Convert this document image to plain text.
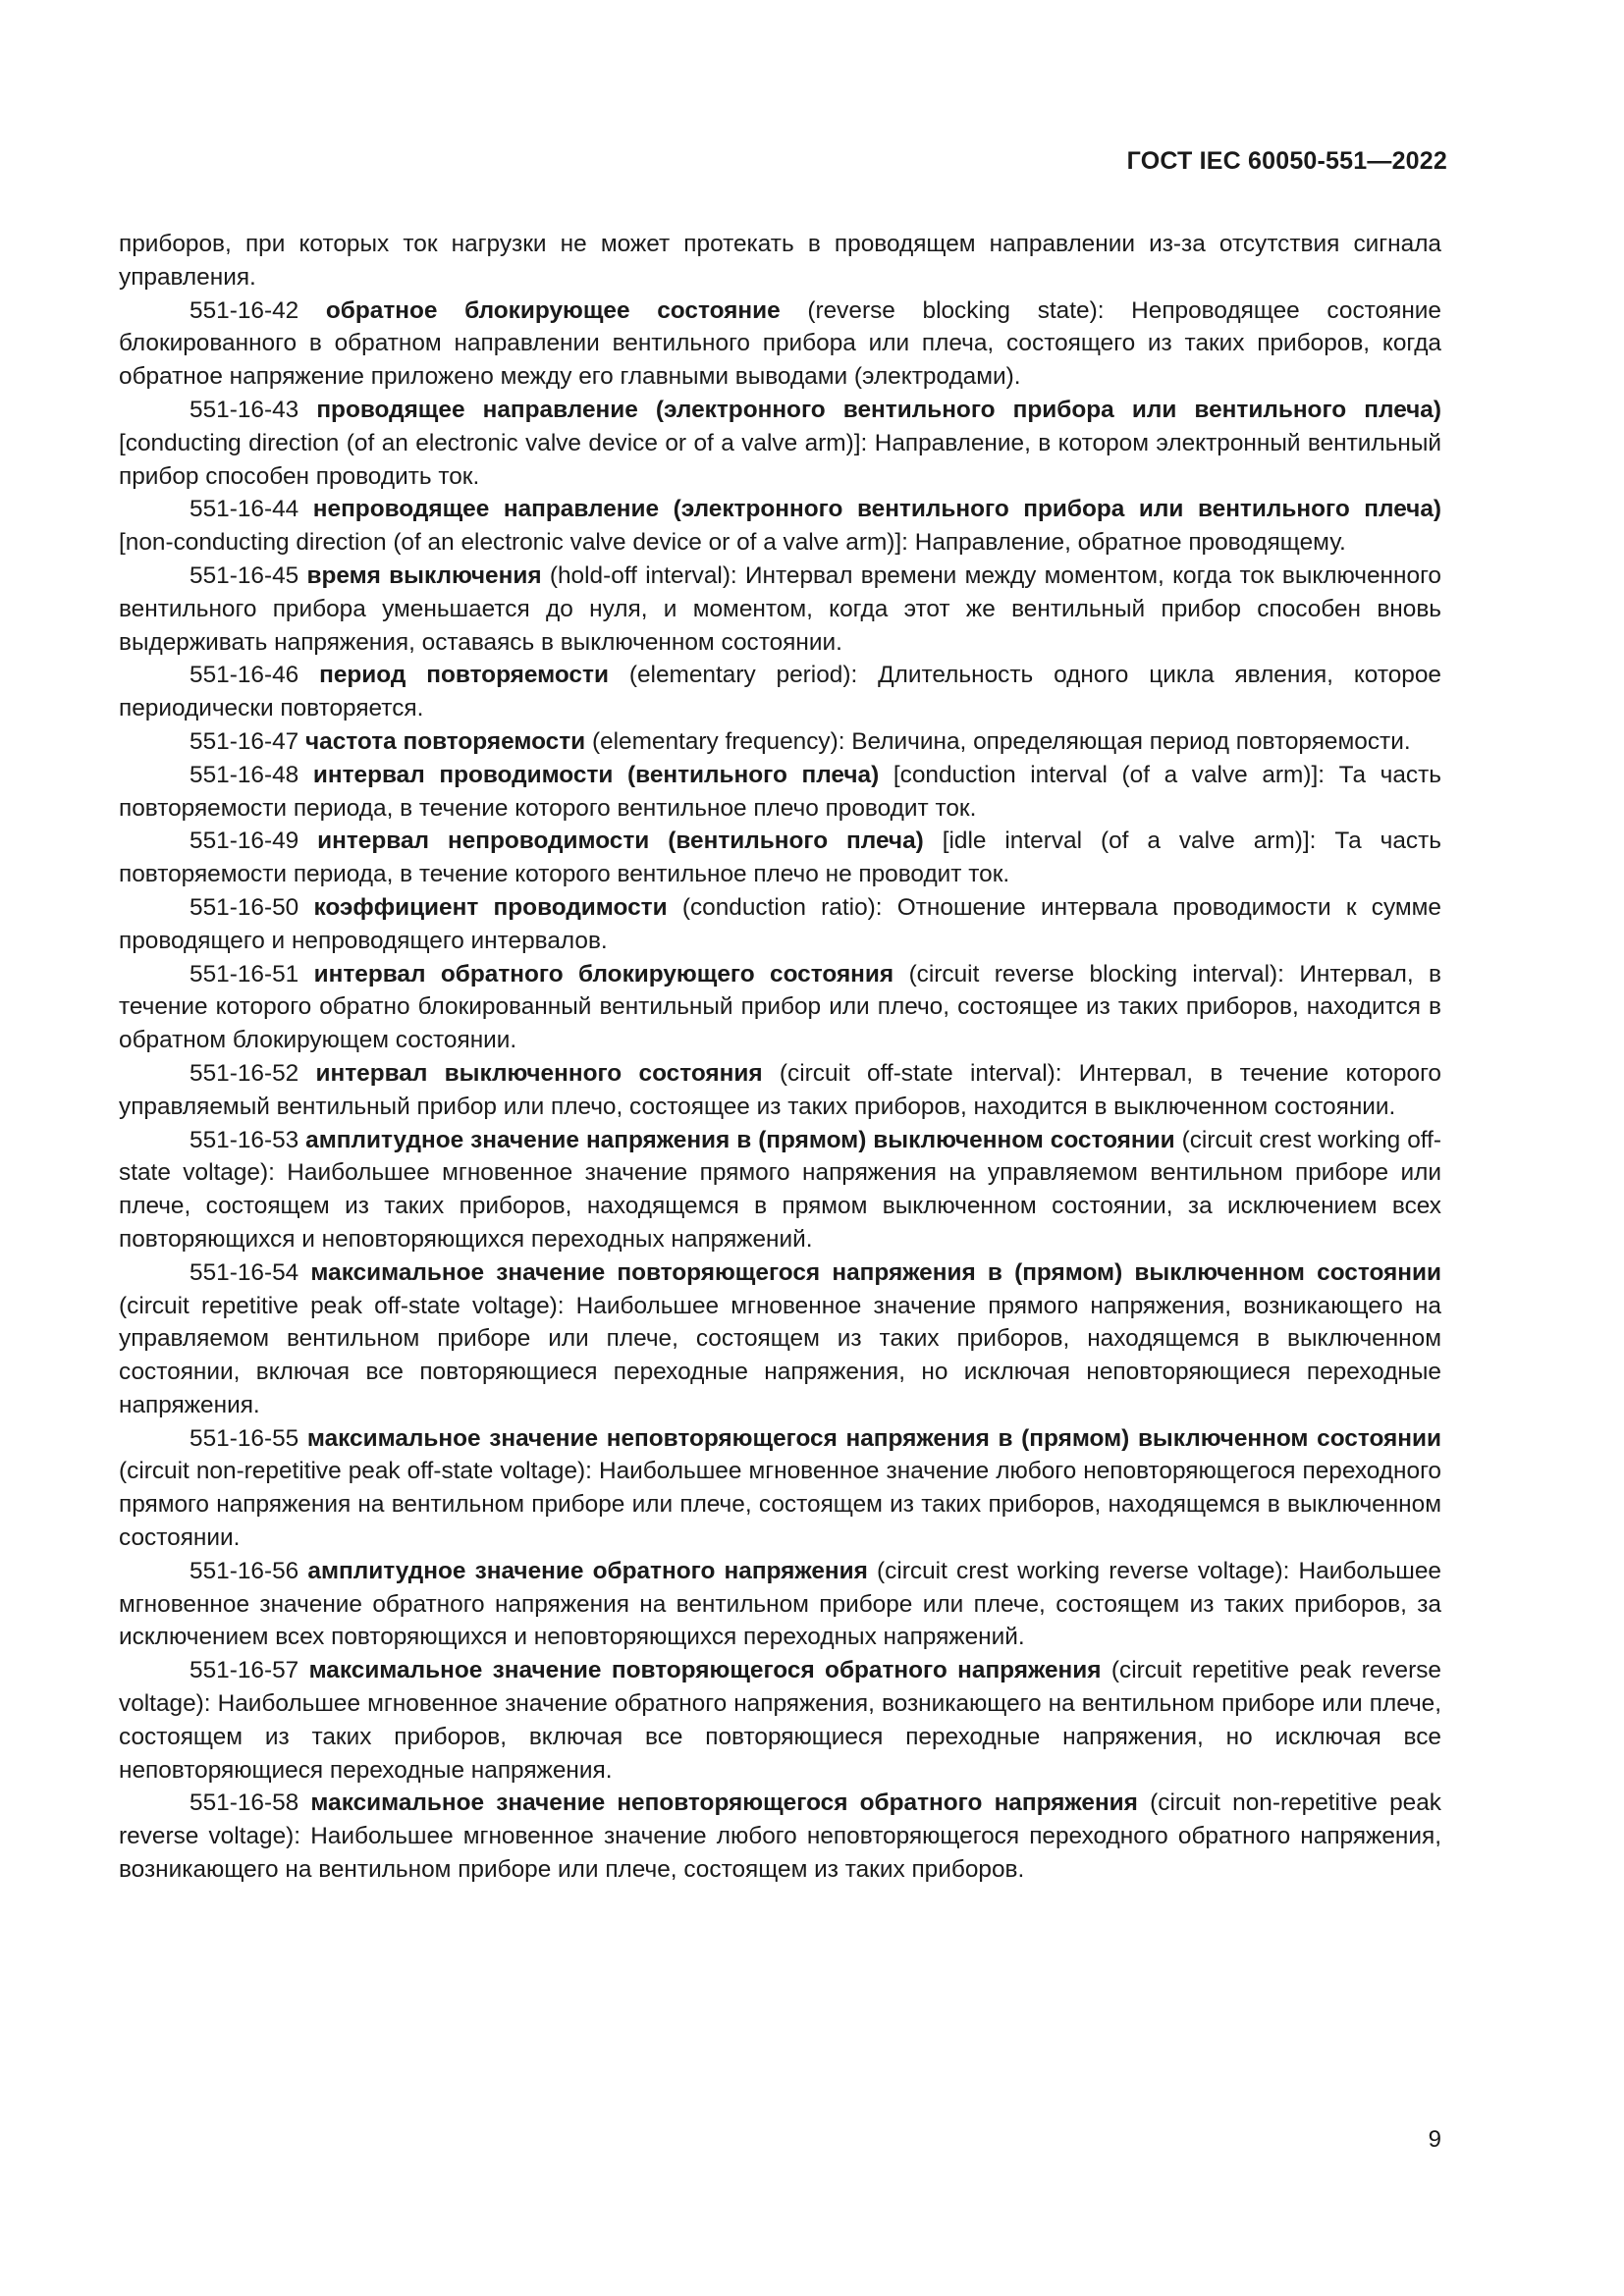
ГОСТ IEC 60050-551—2022

приборов, при которых ток нагрузки не может протекать в проводящем направлении из-за отсутствия сигнала управления.

551-16-42 обратное блокирующее состояние (reverse blocking state): Непроводящее состояние блокированного в обратном направлении вентильного прибора или плеча, состоящего из таких приборов, когда обратное напряжение приложено между его главными выводами (электродами).

551-16-43 проводящее направление (электронного вентильного прибора или вентильного плеча) [conducting direction (of an electronic valve device or of a valve arm)]: Направление, в котором электронный вентильный прибор способен проводить ток.

551-16-44 непроводящее направление (электронного вентильного прибора или вентильного плеча) [non-conducting direction (of an electronic valve device or of a valve arm)]: Направление, обратное проводящему.

551-16-45 время выключения (hold-off interval): Интервал времени между моментом, когда ток выключенного вентильного прибора уменьшается до нуля, и моментом, когда этот же вентильный прибор способен вновь выдерживать напряжения, оставаясь в выключенном состоянии.

551-16-46 период повторяемости (elementary period): Длительность одного цикла явления, которое периодически повторяется.

551-16-47 частота повторяемости (elementary frequency): Величина, определяющая период повторяемости.

551-16-48 интервал проводимости (вентильного плеча) [conduction interval (of a valve arm)]: Та часть повторяемости периода, в течение которого вентильное плечо проводит ток.

551-16-49 интервал непроводимости (вентильного плеча) [idle interval (of a valve arm)]: Та часть повторяемости периода, в течение которого вентильное плечо не проводит ток.

551-16-50 коэффициент проводимости (conduction ratio): Отношение интервала проводимости к сумме проводящего и непроводящего интервалов.

551-16-51 интервал обратного блокирующего состояния (circuit reverse blocking interval): Интервал, в течение которого обратно блокированный вентильный прибор или плечо, состоящее из таких приборов, находится в обратном блокирующем состоянии.

551-16-52 интервал выключенного состояния (circuit off-state interval): Интервал, в течение которого управляемый вентильный прибор или плечо, состоящее из таких приборов, находится в выключенном состоянии.

551-16-53 амплитудное значение напряжения в (прямом) выключенном состоянии (circuit crest working off-state voltage): Наибольшее мгновенное значение прямого напряжения на управляемом вентильном приборе или плече, состоящем из таких приборов, находящемся в прямом выключенном состоянии, за исключением всех повторяющихся и неповторяющихся переходных напряжений.

551-16-54 максимальное значение повторяющегося напряжения в (прямом) выключенном состоянии (circuit repetitive peak off-state voltage): Наибольшее мгновенное значение прямого напряжения, возникающего на управляемом вентильном приборе или плече, состоящем из таких приборов, находящемся в выключенном состоянии, включая все повторяющиеся переходные напряжения, но исключая неповторяющиеся переходные напряжения.

551-16-55 максимальное значение неповторяющегося напряжения в (прямом) выключенном состоянии (circuit non-repetitive peak off-state voltage): Наибольшее мгновенное значение любого неповторяющегося переходного прямого напряжения на вентильном приборе или плече, состоящем из таких приборов, находящемся в выключенном состоянии.

551-16-56 амплитудное значение обратного напряжения (circuit crest working reverse voltage): Наибольшее мгновенное значение обратного напряжения на вентильном приборе или плече, состоящем из таких приборов, за исключением всех повторяющихся и неповторяющихся переходных напряжений.

551-16-57 максимальное значение повторяющегося обратного напряжения (circuit repetitive peak reverse voltage): Наибольшее мгновенное значение обратного напряжения, возникающего на вентильном приборе или плече, состоящем из таких приборов, включая все повторяющиеся переходные напряжения, но исключая все неповторяющиеся переходные напряжения.

551-16-58 максимальное значение неповторяющегося обратного напряжения (circuit non-repetitive peak reverse voltage): Наибольшее мгновенное значение любого неповторяющегося переходного обратного напряжения, возникающего на вентильном приборе или плече, состоящем из таких приборов.

9
